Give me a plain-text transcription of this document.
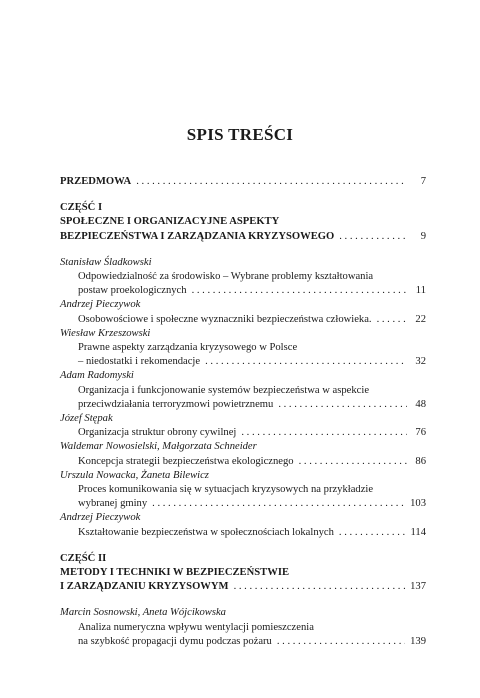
SPIS TREŚCI
PRZEDMOWA . . .	7
CZĘŚĆ I
SPOŁECZNE I ORGANIZACYJNE ASPEKTY
BEZPIECZEŃSTWA I ZARZĄDZANIA KRYZYSOWEGO . . .	9
Stanisław Śladkowski
Odpowiedzialność za środowisko – Wybrane problemy kształtowania
postaw proekologicznych . . .	11
Andrzej Pieczywok
Osobowościowe i społeczne wyznaczniki bezpieczeństwa człowieka. . . .	22
Wiesław Krzeszowski
Prawne aspekty zarządzania kryzysowego w Polsce
– niedostatki i rekomendacje . . .	32
Adam Radomyski
Organizacja i funkcjonowanie systemów bezpieczeństwa w aspekcie
przeciwdziałania terroryzmowi powietrznemu . . .	48
Józef Stępak
Organizacja struktur obrony cywilnej . . .	76
Waldemar Nowosielski, Małgorzata Schneider
Koncepcja strategii bezpieczeństwa ekologicznego . . .	86
Urszula Nowacka, Żaneta Bilewicz
Proces komunikowania się w sytuacjach kryzysowych na przykładzie
wybranej gminy . . .	103
Andrzej Pieczywok
Kształtowanie bezpieczeństwa w społecznościach lokalnych . . .	114
CZĘŚĆ II
METODY I TECHNIKI W BEZPIECZEŃSTWIE
I ZARZĄDZANIU KRYZYSOWYM . . .	137
Marcin Sosnowski, Aneta Wójcikowska
Analiza numeryczna wpływu wentylacji pomieszczenia
na szybkość propagacji dymu podczas pożaru . . .	139
